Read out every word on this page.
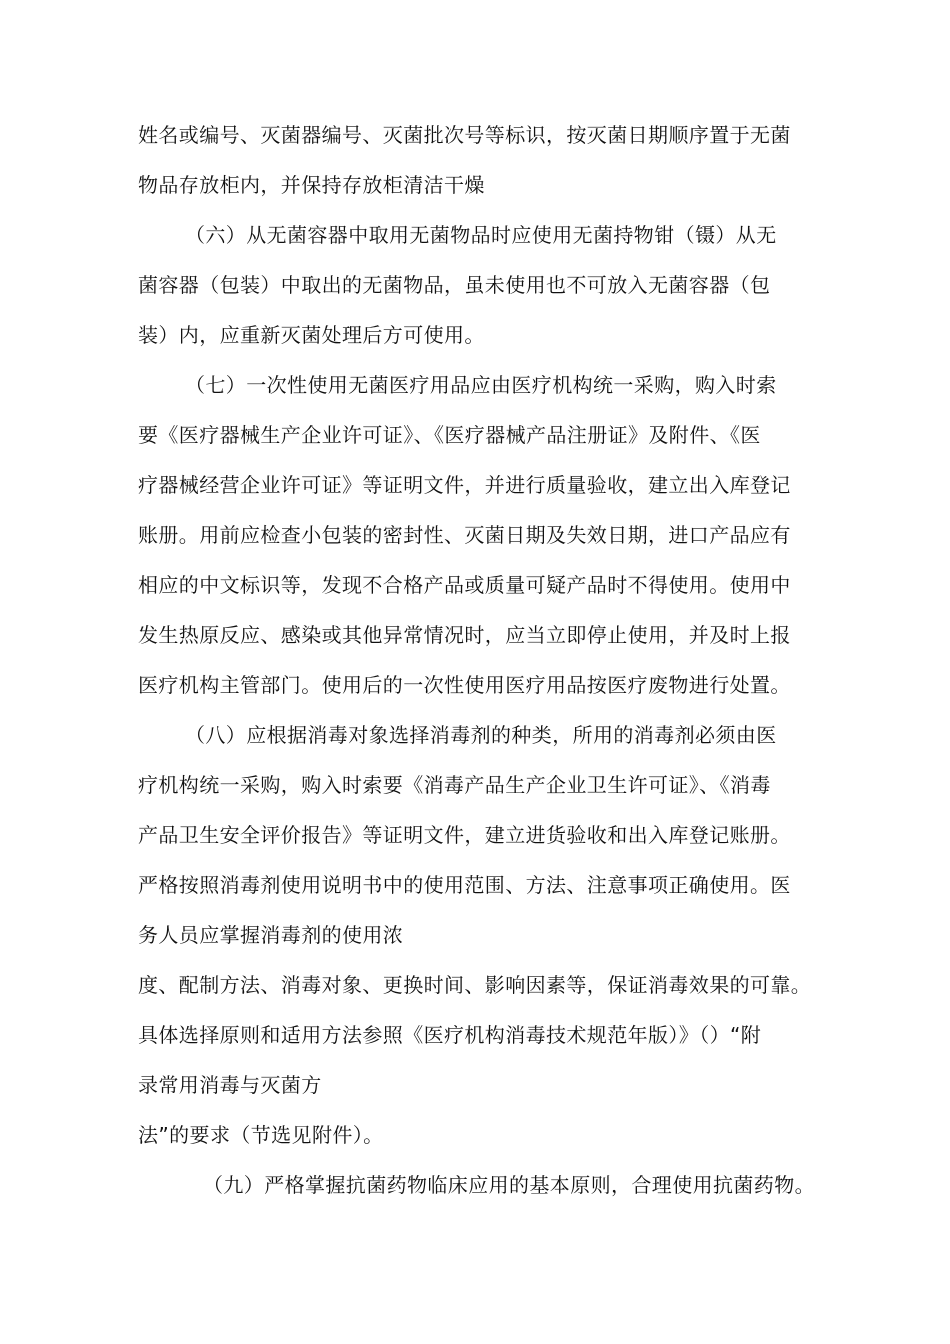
姓名或编号、灭菌器编号、灭菌批次号等标识，按灭菌日期顺序置于无菌
物品存放柜内，并保持存放柜清洁干燥
（六）从无菌容器中取用无菌物品时应使用无菌持物钳（镊）从无
菌容器（包装）中取出的无菌物品，虽未使用也不可放入无菌容器（包
装）内，应重新灭菌处理后方可使用。
（七）一次性使用无菌医疗用品应由医疗机构统一采购，购入时索
要《医疗器械生产企业许可证》、《医疗器械产品注册证》及附件、《医
疗器械经营企业许可证》等证明文件，并进行质量验收，建立出入库登记
账册。用前应检查小包装的密封性、灭菌日期及失效日期，进口产品应有
相应的中文标识等，发现不合格产品或质量可疑产品时不得使用。使用中
发生热原反应、感染或其他异常情况时，应当立即停止使用，并及时上报
医疗机构主管部门。使用后的一次性使用医疗用品按医疗废物进行处置。
（八）应根据消毒对象选择消毒剂的种类，所用的消毒剂必须由医
疗机构统一采购，购入时索要《消毒产品生产企业卫生许可证》、《消毒
产品卫生安全评价报告》等证明文件，建立进货验收和出入库登记账册。
严格按照消毒剂使用说明书中的使用范围、方法、注意事项正确使用。医
务人员应掌握消毒剂的使用浓
度、配制方法、消毒对象、更换时间、影响因素等，保证消毒效果的可靠。
具体选择原则和适用方法参照《医疗机构消毒技术规范年版）》（）“附
录常用消毒与灭菌方
法”的要求（节选见附件）。
（九）严格掌握抗菌药物临床应用的基本原则，合理使用抗菌药物。
